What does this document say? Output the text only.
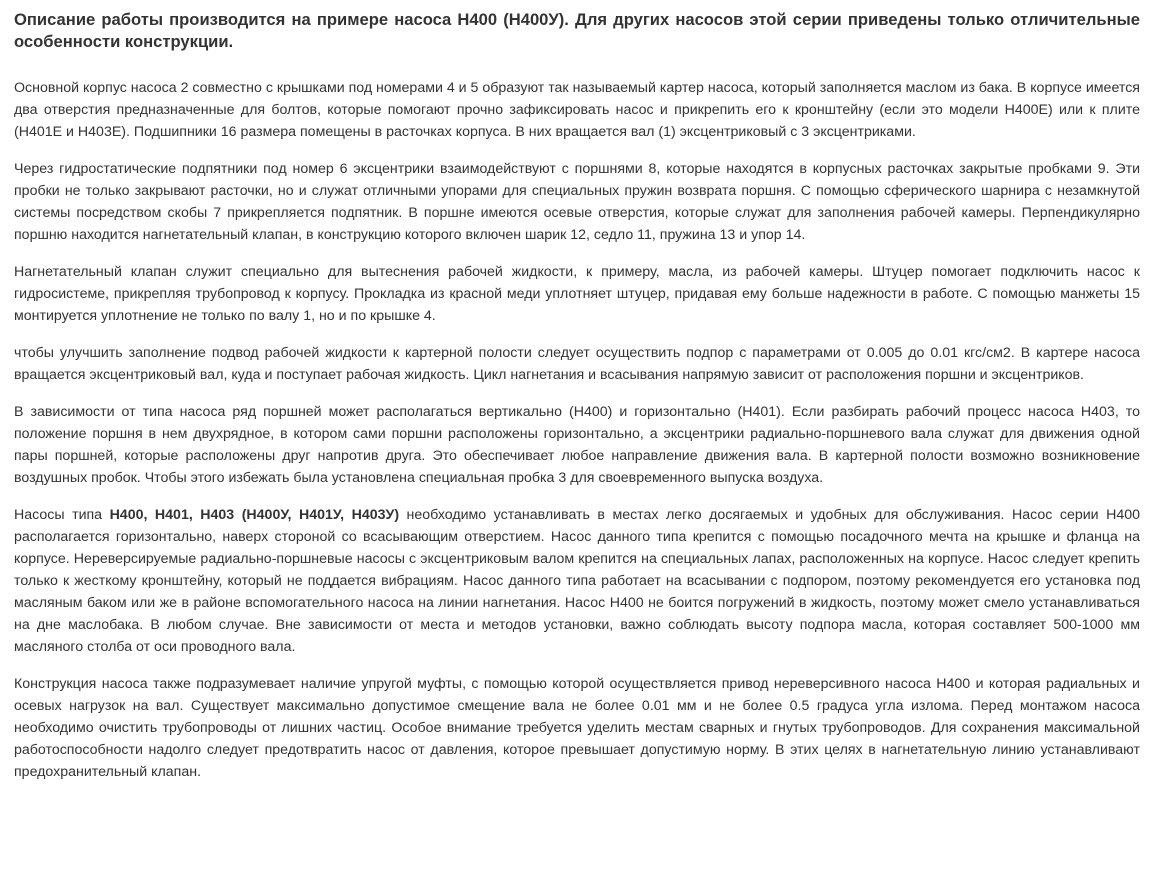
Описание работы производится на примере насоса Н400 (Н400У). Для других насосов этой серии приведены только отличительные особенности конструкции.

Основной корпус насоса 2 совместно с крышками под номерами 4 и 5 образуют так называемый картер насоса, который заполняется маслом из бака. В корпусе имеется два отверстия предназначенные для болтов, которые помогают прочно зафиксировать насос и прикрепить его к кронштейну (если это модели Н400Е) или к плите (Н401Е и Н403Е). Подшипники 16 размера помещены в расточках корпуса. В них вращается вал (1) эксцентриковый с 3 эксцентриками.

Через гидростатические подпятники под номер 6 эксцентрики взаимодействуют с поршнями 8, которые находятся в корпусных расточках закрытые пробками 9. Эти пробки не только закрывают расточки, но и служат отличными упорами для специальных пружин возврата поршня. С помощью сферического шарнира с незамкнутой системы посредством скобы 7 прикрепляется подпятник. В поршне имеются осевые отверстия, которые служат для заполнения рабочей камеры. Перпендикулярно поршню находится нагнетательный клапан, в конструкцию которого включен шарик 12, седло 11, пружина 13 и упор 14.

Нагнетательный клапан служит специально для вытеснения рабочей жидкости, к примеру, масла, из рабочей камеры. Штуцер помогает подключить насос к гидросистеме, прикрепляя трубопровод к корпусу. Прокладка из красной меди уплотняет штуцер, придавая ему больше надежности в работе. С помощью манжеты 15 монтируется уплотнение не только по валу 1, но и по крышке 4.

чтобы улучшить заполнение подвод рабочей жидкости к картерной полости следует осуществить подпор с параметрами от 0.005 до 0.01 кгс/см2. В картере насоса вращается эксцентриковый вал, куда и поступает рабочая жидкость. Цикл нагнетания и всасывания напрямую зависит от расположения поршни и эксцентриков.

В зависимости от типа насоса ряд поршней может располагаться вертикально (Н400) и горизонтально (Н401). Если разбирать рабочий процесс насоса Н403, то положение поршня в нем двухрядное, в котором сами поршни расположены горизонтально, а эксцентрики радиально-поршневого вала служат для движения одной пары поршней, которые расположены друг напротив друга. Это обеспечивает любое направление движения вала. В картерной полости возможно возникновение воздушных пробок. Чтобы этого избежать была установлена специальная пробка 3 для своевременного выпуска воздуха.

Насосы типа Н400, Н401, Н403 (Н400У, Н401У, Н403У) необходимо устанавливать в местах легко досягаемых и удобных для обслуживания. Насос серии Н400 располагается горизонтально, наверх стороной со всасывающим отверстием. Насос данного типа крепится с помощью посадочного мечта на крышке и фланца на корпусе. Нереверсируемые радиально-поршневые насосы с эксцентриковым валом крепится на специальных лапах, расположенных на корпусе. Насос следует крепить только к жесткому кронштейну, который не поддается вибрациям. Насос данного типа работает на всасывании с подпором, поэтому рекомендуется его установка под масляным баком или же в районе вспомогательного насоса на линии нагнетания. Насос Н400 не боится погружений в жидкость, поэтому может смело устанавливаться на дне маслобака. В любом случае. Вне зависимости от места и методов установки, важно соблюдать высоту подпора масла, которая составляет 500-1000 мм масляного столба от оси проводного вала.

Конструкция насоса также подразумевает наличие упругой муфты, с помощью которой осуществляется привод нереверсивного насоса Н400 и которая радиальных и осевых нагрузок на вал. Существует максимально допустимое смещение вала не более 0.01 мм и не более 0.5 градуса угла излома. Перед монтажом насоса необходимо очистить трубопроводы от лишних частиц. Особое внимание требуется уделить местам сварных и гнутых трубопроводов. Для сохранения максимальной работоспособности надолго следует предотвратить насос от давления, которое превышает допустимую норму. В этих целях в нагнетательную линию устанавливают предохранительный клапан.
